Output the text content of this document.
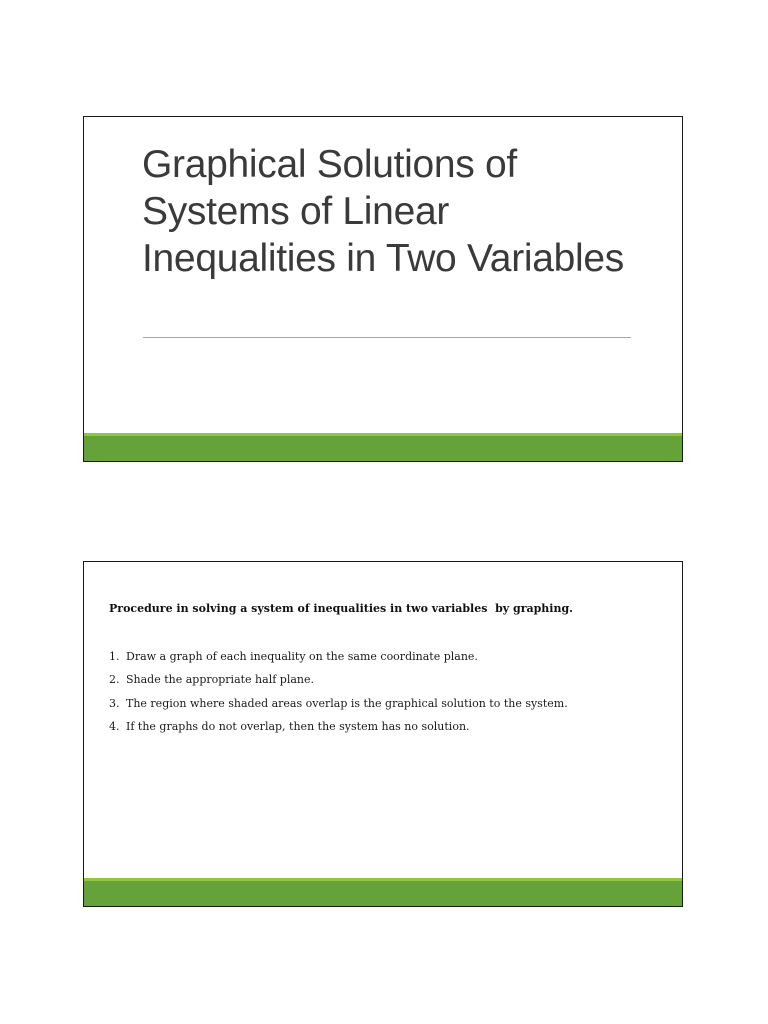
Graphical Solutions of Systems of Linear Inequalities in Two Variables

Procedure in solving a system of inequalities in two variables  by graphing.

1. Draw a graph of each inequality on the same coordinate plane.
2. Shade the appropriate half plane.
3. The region where shaded areas overlap is the graphical solution to the system.
4. If the graphs do not overlap, then the system has no solution.
